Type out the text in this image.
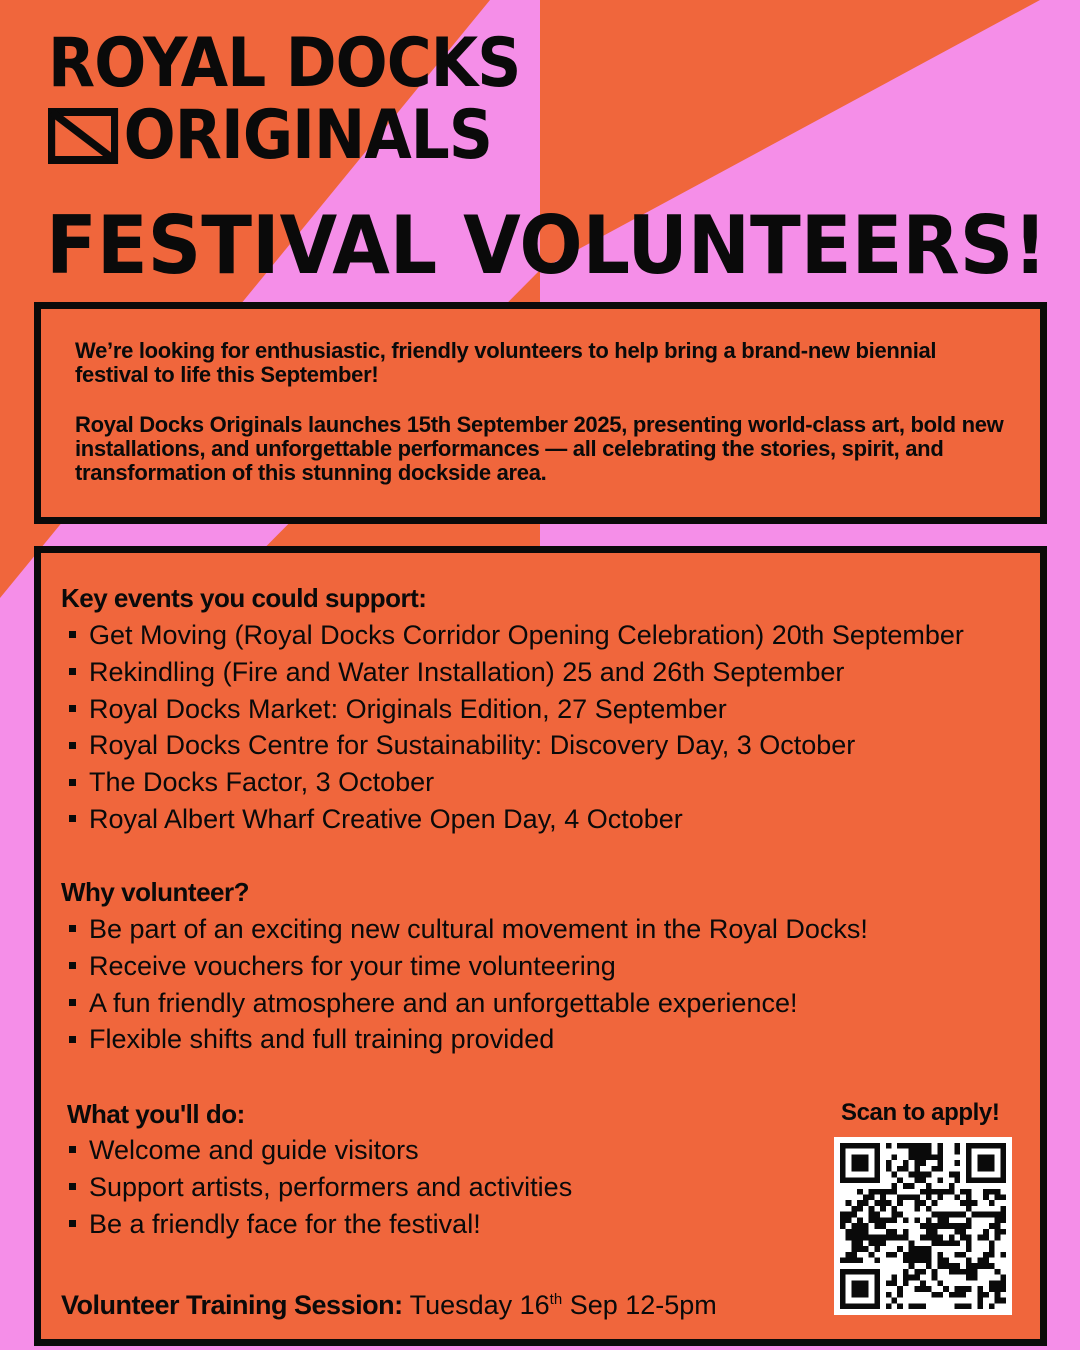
ROYAL DOCKS
ORIGINALS
FESTIVAL VOLUNTEERS!

We’re looking for enthusiastic, friendly volunteers to help bring a brand-new biennial festival to life this September!

Royal Docks Originals launches 15th September 2025, presenting world-class art, bold new installations, and unforgettable performances — all celebrating the stories, spirit, and transformation of this stunning dockside area.

Key events you could support:
Get Moving (Royal Docks Corridor Opening Celebration) 20th September
Rekindling (Fire and Water Installation) 25 and 26th September
Royal Docks Market: Originals Edition, 27 September
Royal Docks Centre for Sustainability: Discovery Day, 3 October
The Docks Factor, 3 October
Royal Albert Wharf Creative Open Day, 4 October
Why volunteer?
Be part of an exciting new cultural movement in the Royal Docks!
Receive vouchers for your time volunteering
A fun friendly atmosphere and an unforgettable experience!
Flexible shifts and full training provided
What you'll do:
Welcome and guide visitors
Support artists, performers and activities
Be a friendly face for the festival!
Volunteer Training Session: Tuesday 16th Sep 12-5pm
Scan to apply!
